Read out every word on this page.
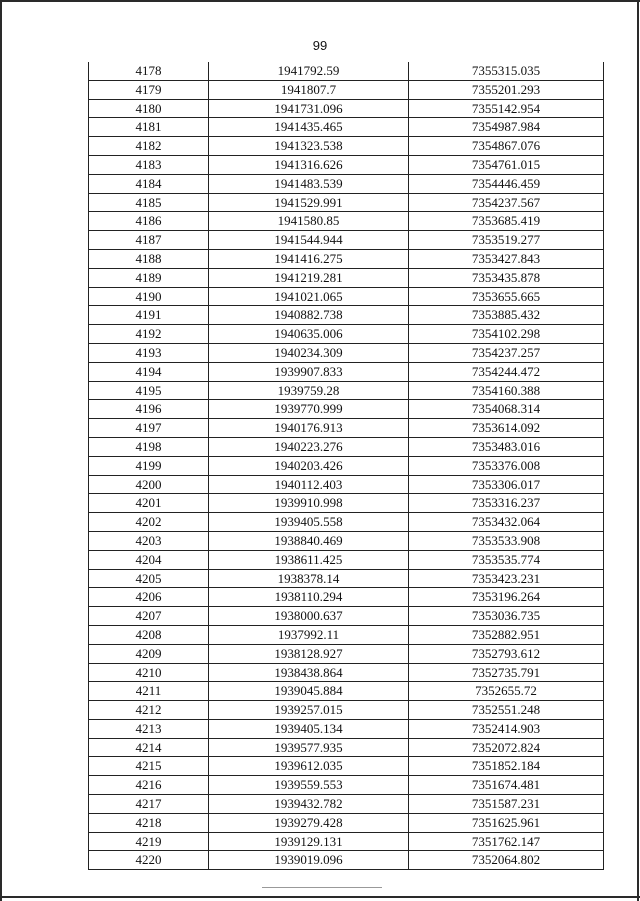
99
4178	1941792.59	7355315.035
4179	1941807.7	7355201.293
4180	1941731.096	7355142.954
4181	1941435.465	7354987.984
4182	1941323.538	7354867.076
4183	1941316.626	7354761.015
4184	1941483.539	7354446.459
4185	1941529.991	7354237.567
4186	1941580.85	7353685.419
4187	1941544.944	7353519.277
4188	1941416.275	7353427.843
4189	1941219.281	7353435.878
4190	1941021.065	7353655.665
4191	1940882.738	7353885.432
4192	1940635.006	7354102.298
4193	1940234.309	7354237.257
4194	1939907.833	7354244.472
4195	1939759.28	7354160.388
4196	1939770.999	7354068.314
4197	1940176.913	7353614.092
4198	1940223.276	7353483.016
4199	1940203.426	7353376.008
4200	1940112.403	7353306.017
4201	1939910.998	7353316.237
4202	1939405.558	7353432.064
4203	1938840.469	7353533.908
4204	1938611.425	7353535.774
4205	1938378.14	7353423.231
4206	1938110.294	7353196.264
4207	1938000.637	7353036.735
4208	1937992.11	7352882.951
4209	1938128.927	7352793.612
4210	1938438.864	7352735.791
4211	1939045.884	7352655.72
4212	1939257.015	7352551.248
4213	1939405.134	7352414.903
4214	1939577.935	7352072.824
4215	1939612.035	7351852.184
4216	1939559.553	7351674.481
4217	1939432.782	7351587.231
4218	1939279.428	7351625.961
4219	1939129.131	7351762.147
4220	1939019.096	7352064.802
